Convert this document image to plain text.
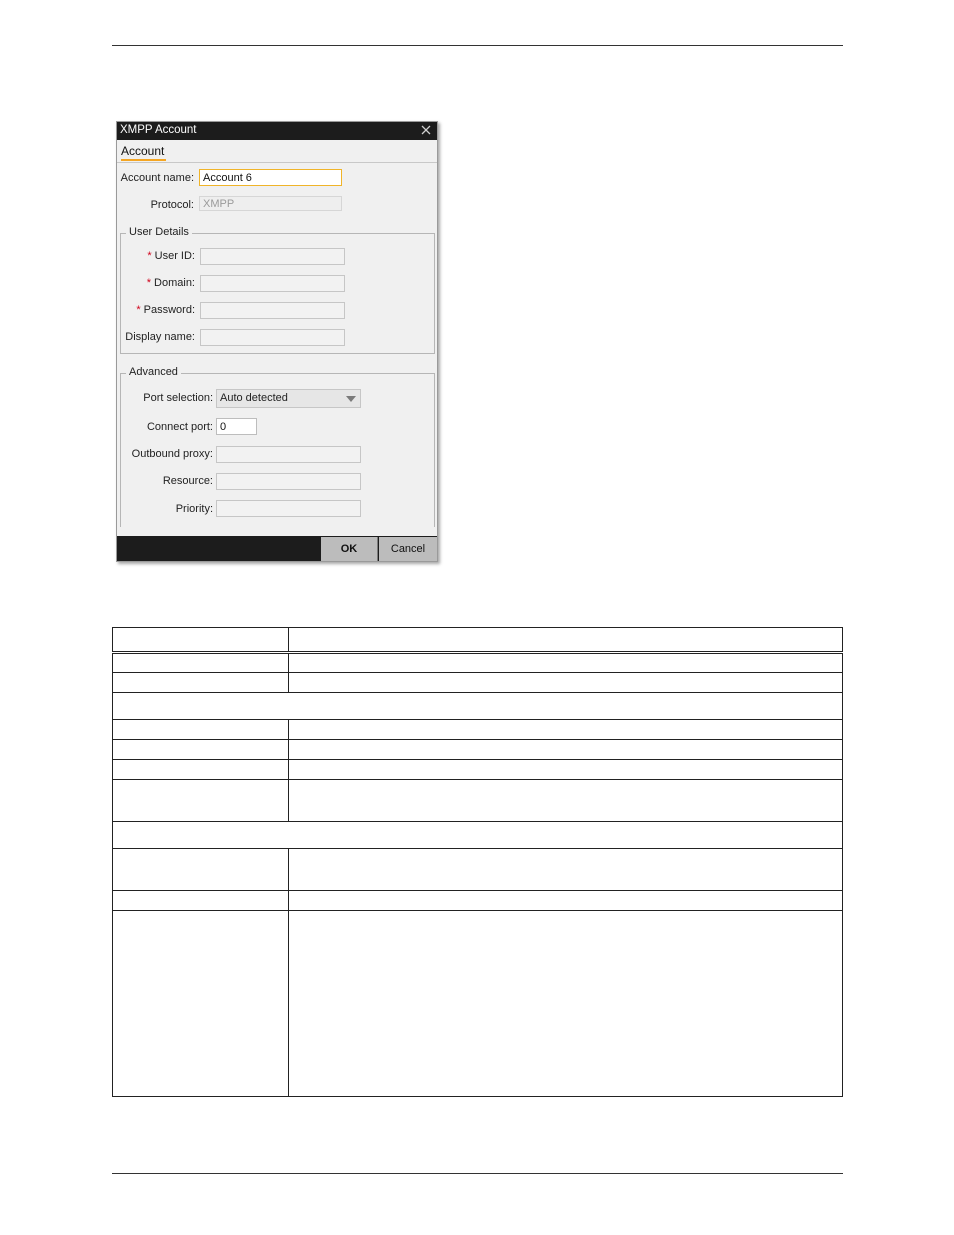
XMPP Account
Account
Account name:
Account 6
Protocol:
XMPP
User Details
* User ID:
* Domain:
* Password:
Display name:
Advanced
Port selection: Auto detected
Connect port:
0
Outbound proxy:
Resource:
Priority:
OK	Cancel
